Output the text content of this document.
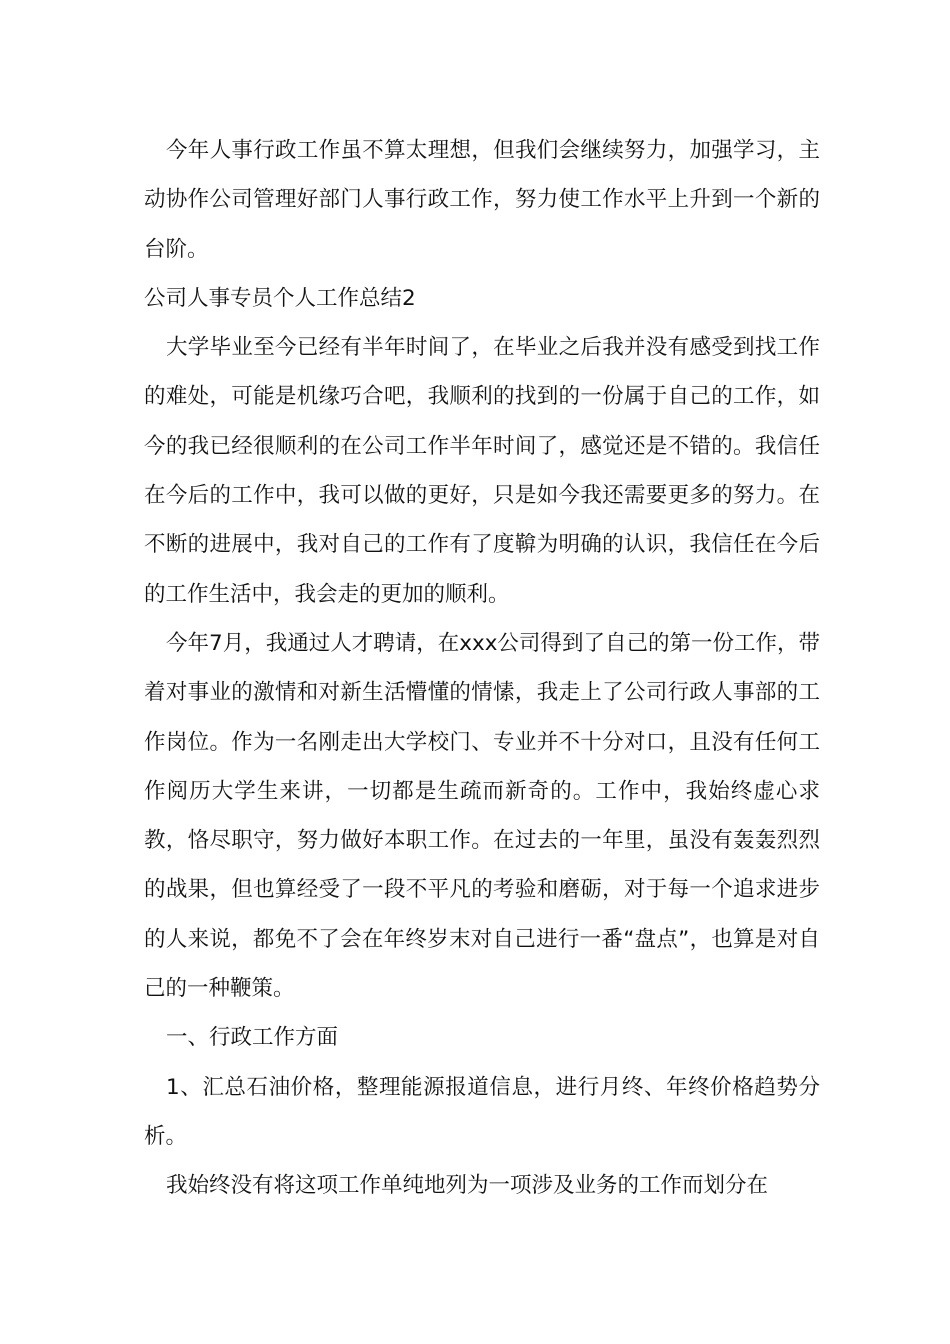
今年人事行政工作虽不算太理想，但我们会继续努力，加强学习，主动协作公司管理好部门人事行政工作，努力使工作水平上升到一个新的台阶。

公司人事专员个人工作总结2

大学毕业至今已经有半年时间了，在毕业之后我并没有感受到找工作的难处，可能是机缘巧合吧，我顺利的找到的一份属于自己的工作，如今的我已经很顺利的在公司工作半年时间了，感觉还是不错的。我信任在今后的工作中，我可以做的更好，只是如今我还需要更多的努力。在不断的进展中，我对自己的工作有了度鞥为明确的认识，我信任在今后的工作生活中，我会走的更加的顺利。

今年7月，我通过人才聘请，在xxx公司得到了自己的第一份工作，带着对事业的激情和对新生活懵懂的情愫，我走上了公司行政人事部的工作岗位。作为一名刚走出大学校门、专业并不十分对口，且没有任何工作阅历大学生来讲，一切都是生疏而新奇的。工作中，我始终虚心求教，恪尽职守，努力做好本职工作。在过去的一年里，虽没有轰轰烈烈的战果，但也算经受了一段不平凡的考验和磨砺，对于每一个追求进步的人来说，都免不了会在年终岁末对自己进行一番“盘点”，也算是对自己的一种鞭策。

一、行政工作方面

1、汇总石油价格，整理能源报道信息，进行月终、年终价格趋势分析。

我始终没有将这项工作单纯地列为一项涉及业务的工作而划分在
